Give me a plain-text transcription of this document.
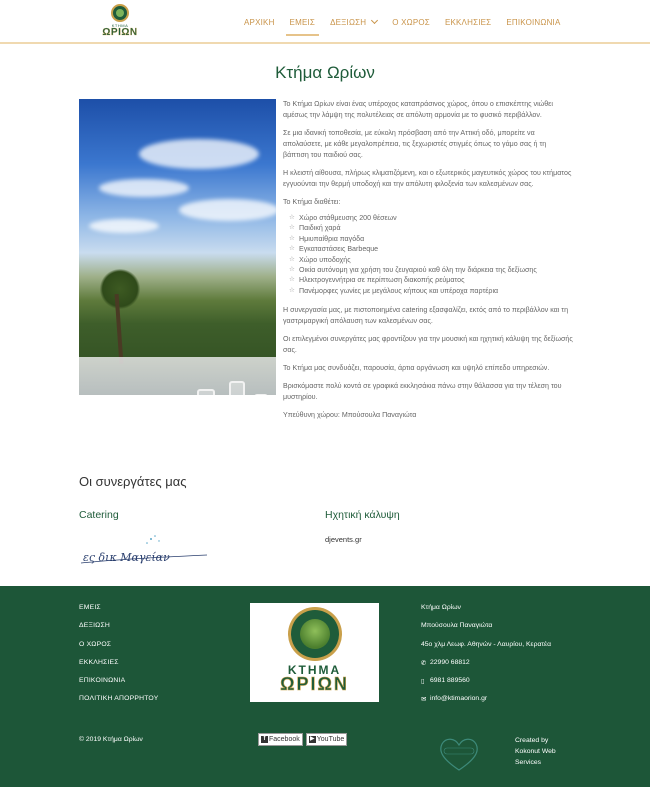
ΚΤΗΜΑ
ΩΡΙΩΝ
ΑΡΧΙΚΗ ΕΜΕΙΣ ΔΕΞΙΩΣΗ	Ο ΧΩΡΟΣ ΕΚΚΛΗΣΙΕΣ ΕΠΙΚΟΙΝΩΝΙΑ
Κτήμα Ωρίων

Το Κτήμα Ωρίων είναι ένας υπέροχος καταπράσινος χώρος, όπου ο επισκέπτης νιώθει αμέσως την λάμψη της πολυτέλειας σε απόλυτη αρμονία με το φυσικό περιβάλλον.

Σε μια ιδανική τοποθεσία, με εύκολη πρόσβαση από την Αττική οδό, μπορείτε να απολαύσετε, με κάθε μεγαλοπρέπεια, τις ξεχωριστές στιγμές όπως το γάμο σας ή τη βάπτιση του παιδιού σας.

Η κλειστή αίθουσα, πλήρως κλιματιζόμενη, και ο εξωτερικός μαγευτικός χώρος του κτήματος εγγυούνται την θερμή υποδοχή και την απόλυτη φιλοξενία των καλεσμένων σας.

Το Κτήμα διαθέτει:

☆ Χώρο στάθμευσης 200 θέσεων
☆ Παιδική χαρά
☆ Ημιυπαίθρια παγόδα
☆ Εγκαταστάσεις Barbeque
☆ Χώρο υποδοχής
☆ Οικία αυτόνομη για χρήση του ζευγαριού καθ όλη την διάρκεια της δεξίωσης
☆ Ηλεκτρογεννήτρια σε περίπτωση διακοπής ρεύματος
☆ Πανέμορφες γωνίες με μεγάλους κήπους και υπέροχα παρτέρια

Η συνεργασία μας, με πιστοποιημένα catering εξασφαλίζει, εκτός από το περιβάλλον και τη γαστριμαργική απόλαυση των καλεσμένων σας.

Οι επιλεγμένοι συνεργάτες μας φροντίζουν για την μουσική και ηχητική κάλυψη της δεξίωσής σας.

Το Κτήμα μας συνδυάζει, παρουσία, άρτια οργάνωση και υψηλό επίπεδο υπηρεσιών.

Βρισκόμαστε πολύ κοντά σε γραφικά εκκλησάκια πάνω στην θάλασσα για την τέλεση του μυστηρίου.

Υπεύθυνη χώρου: Μπούσουλα Παναγιώτα

Οι συνεργάτες μας
Catering	Ηχητική κάλυψη
ες δικ Μαγείαν
djevents.gr
ΕΜΕΙΣ
ΔΕΞΙΩΣΗ
Ο ΧΩΡΟΣ
ΕΚΚΛΗΣΙΕΣ
ΕΠΙΚΟΙΝΩΝΙΑ
ΠΟΛΙΤΙΚΗ ΑΠΟΡΡΗΤΟΥ
ΚΤΗΜΑ
ΩΡΙΩΝ
Κτήμα Ωρίων
Μπούσουλα Παναγιώτα
45ο χλμ Λεωφ. Αθηνών - Λαυρίου, Κερατέα
✆ 22990 68812
▯ 6981 889560
✉ info@ktimaorion.gr
© 2019 Κτήμα Ωρίων	f Facebook ▶ YouTube	Created by Kokonut Web Services
